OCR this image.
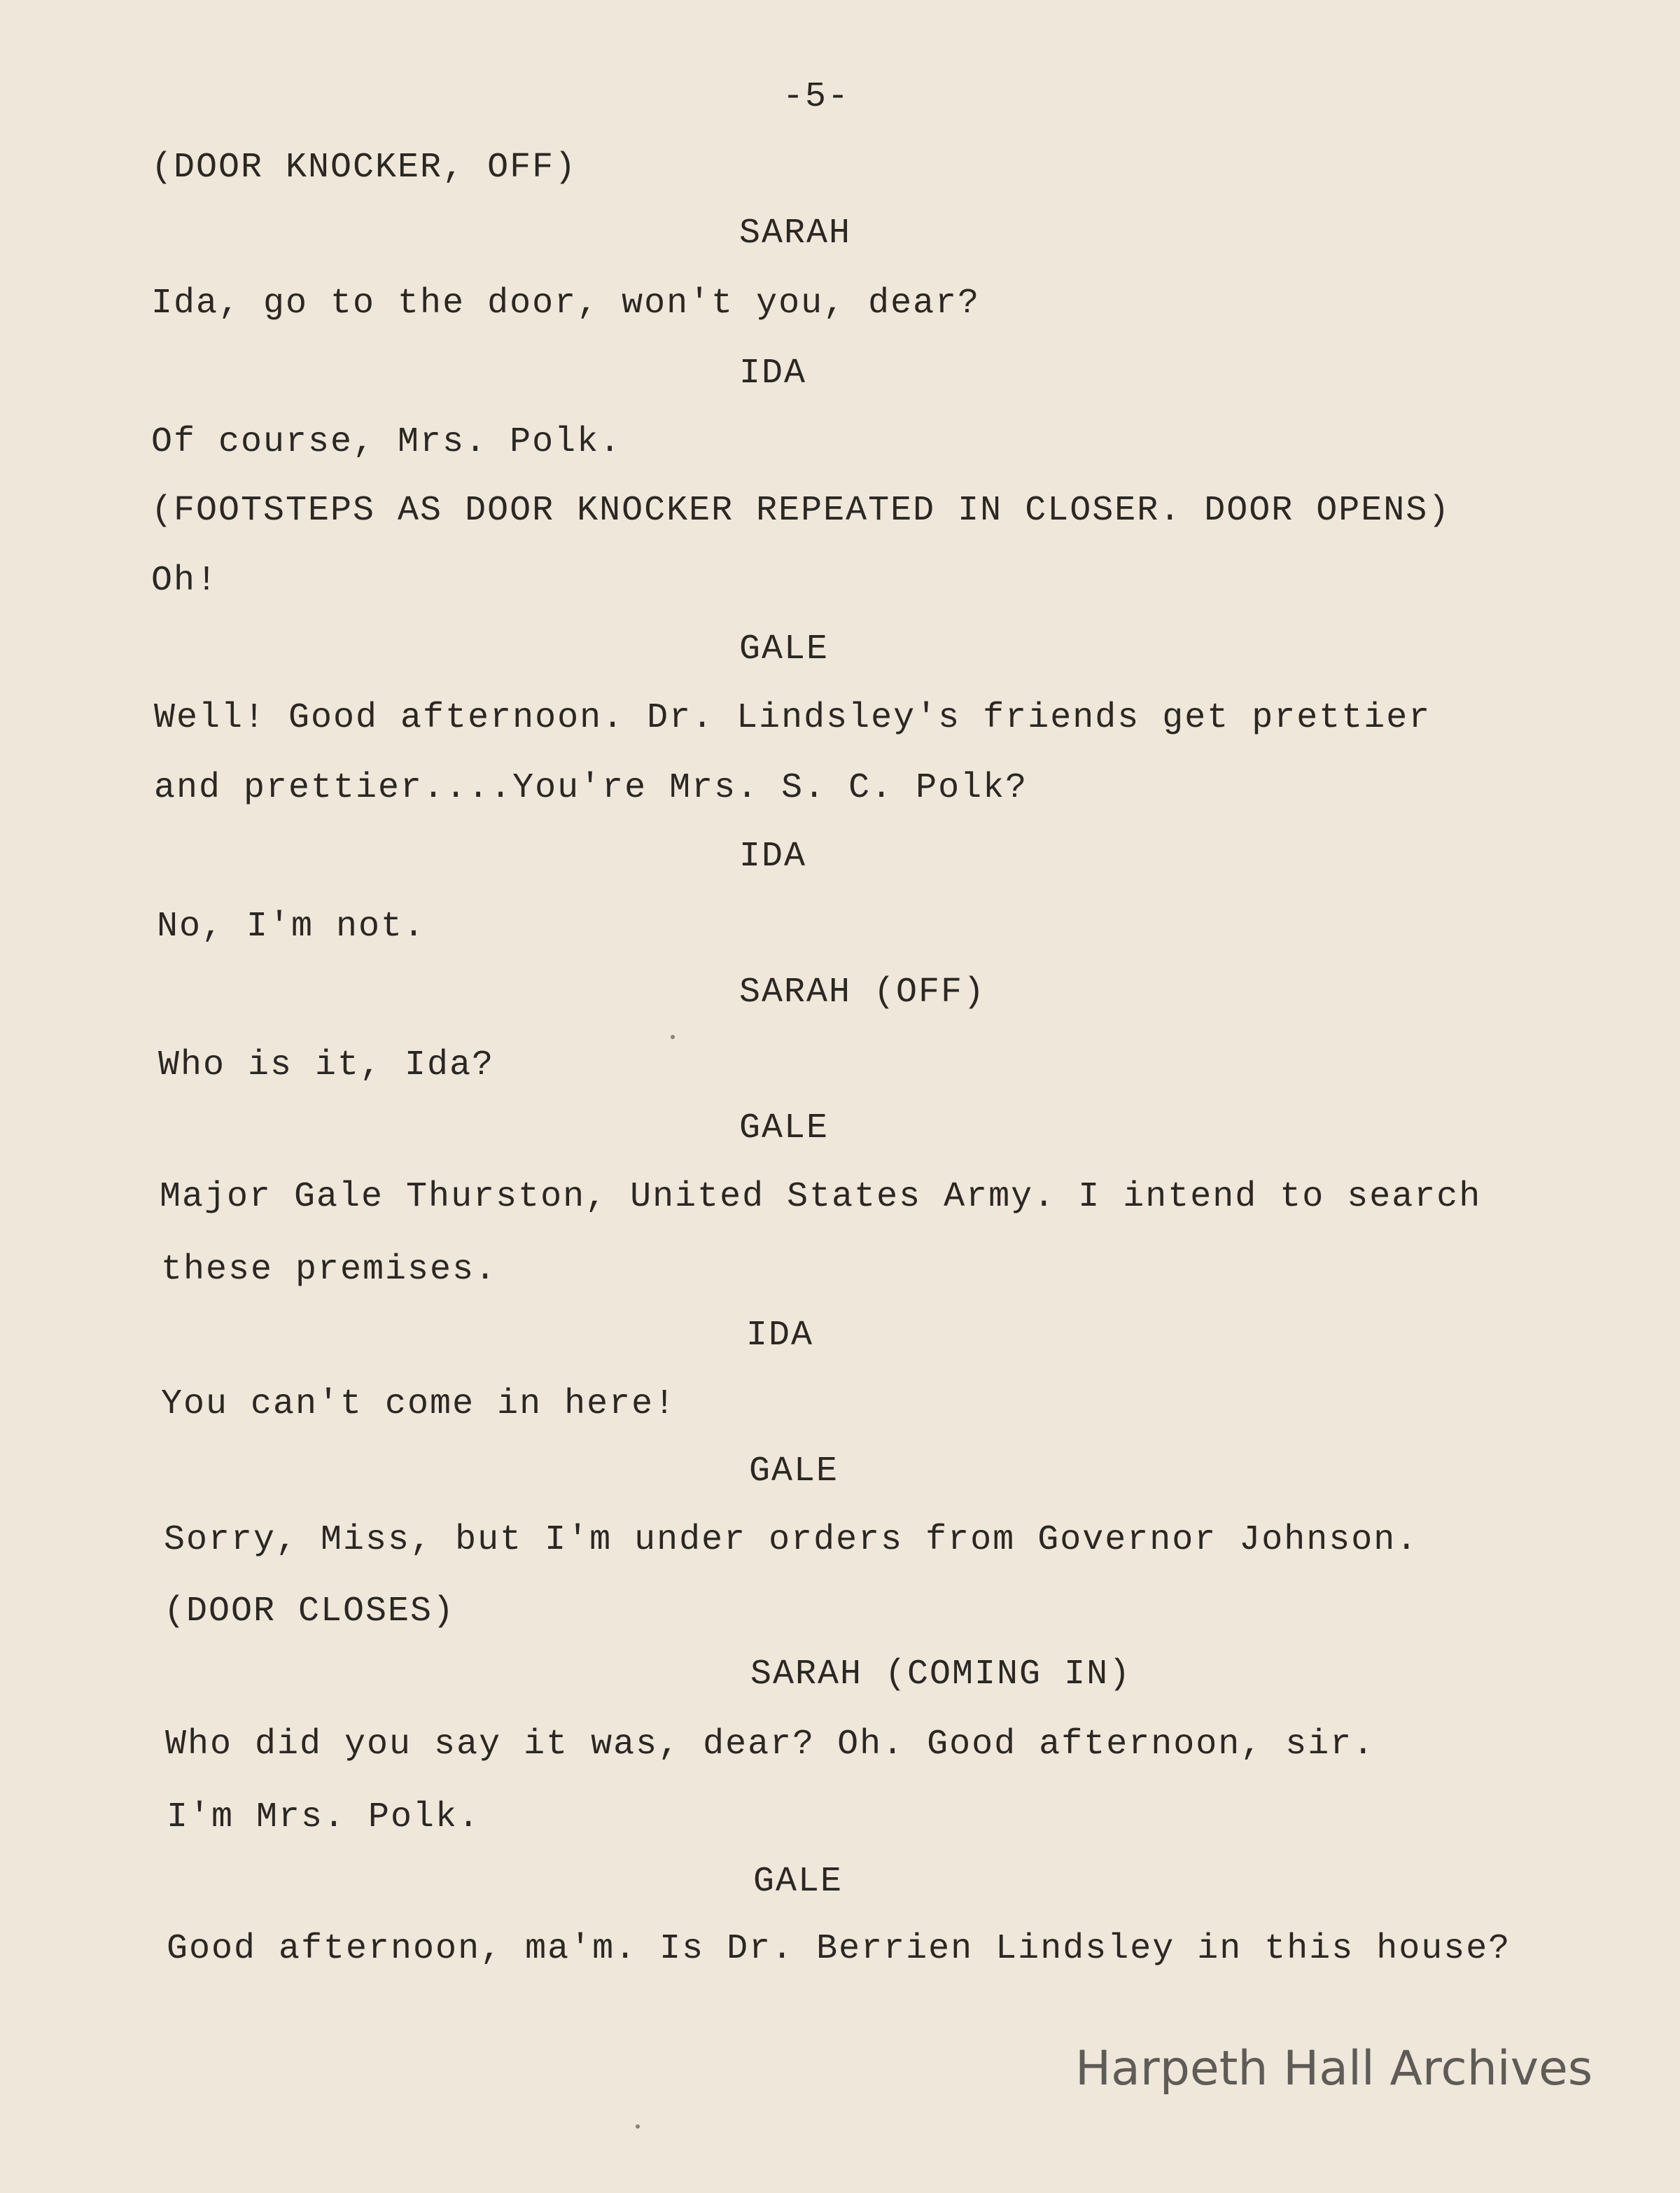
-5-
(DOOR KNOCKER, OFF)
SARAH
Ida, go to the door, won't you, dear?
IDA
Of course, Mrs. Polk.
(FOOTSTEPS AS DOOR KNOCKER REPEATED IN CLOSER. DOOR OPENS)
Oh!
GALE
Well! Good afternoon. Dr. Lindsley's friends get prettier
and prettier....You're Mrs. S. C. Polk?
IDA
No, I'm not.
SARAH (OFF)
Who is it, Ida?
GALE
Major Gale Thurston, United States Army. I intend to search
these premises.
IDA
You can't come in here!
GALE
Sorry, Miss, but I'm under orders from Governor Johnson.
(DOOR CLOSES)
SARAH (COMING IN)
Who did you say it was, dear? Oh. Good afternoon, sir.
I'm Mrs. Polk.
GALE
Good afternoon, ma'm. Is Dr. Berrien Lindsley in this house?
Harpeth Hall Archives
